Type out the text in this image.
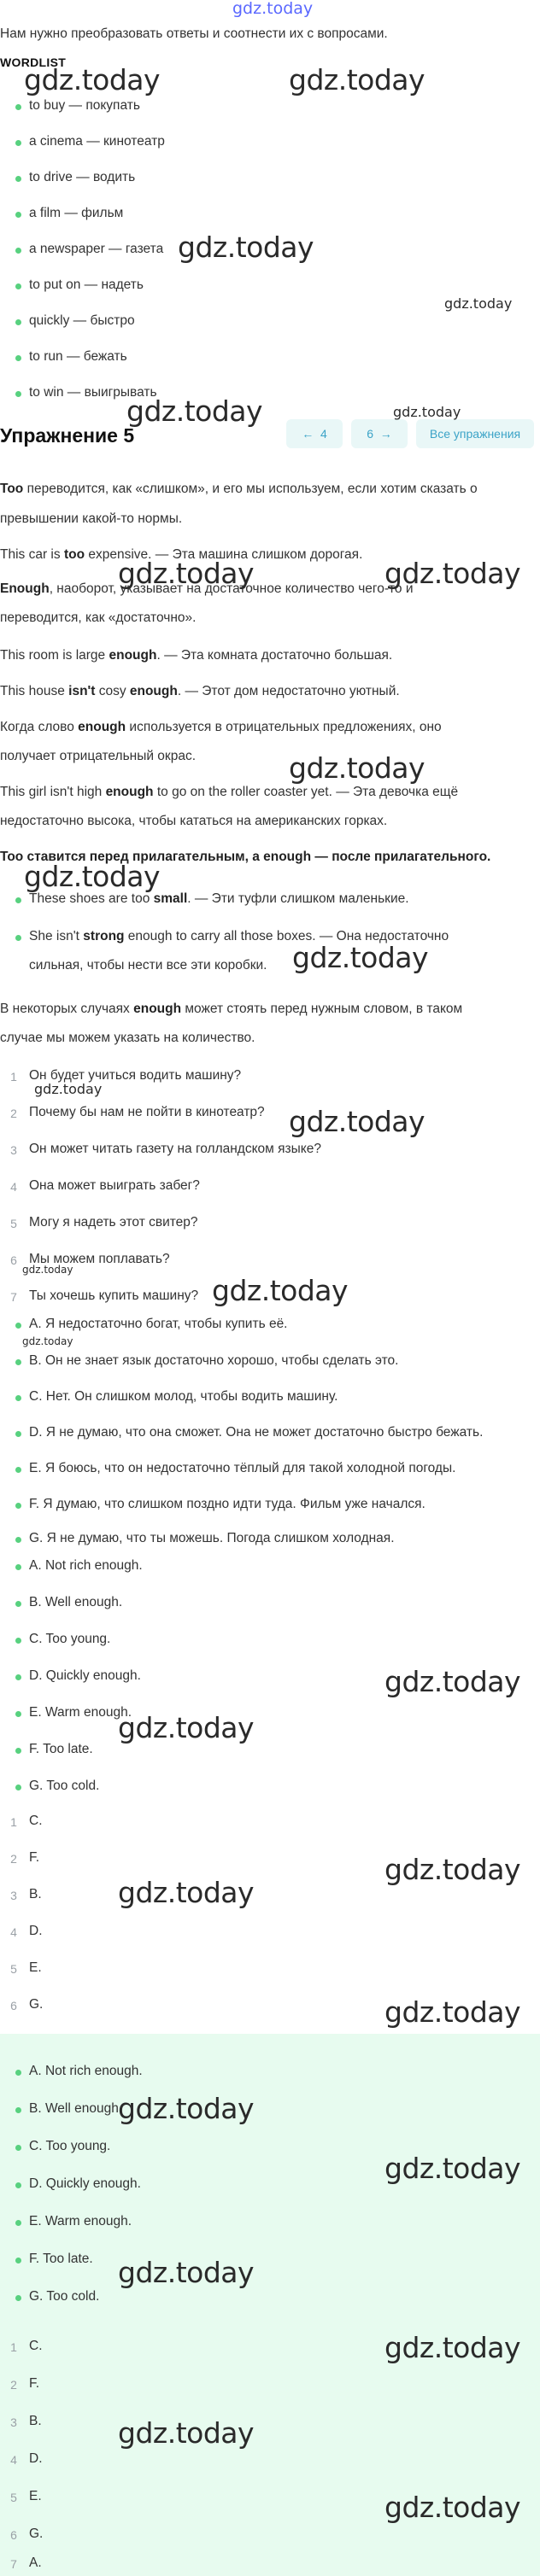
gdz.today
Нам нужно преобразовать ответы и соотнести их с вопросами.
WORDLIST
to buy — покупать
a cinema — кинотеатр
to drive — водить
a film — фильм
a newspaper — газета
to put on — надеть
quickly — быстро
to run — бежать
to win — выигрывать
Упражнение 5	← 4	6 →	Все упражнения
Too переводится, как «слишком», и его мы используем, если хотим сказать о
превышении какой-то нормы.
This car is too expensive. — Эта машина слишком дорогая.
Enough, наоборот, указывает на достаточное количество чего-то и
переводится, как «достаточно».
This room is large enough. — Эта комната достаточно большая.
This house isn't cosy enough. — Этот дом недостаточно уютный.
Когда слово enough используется в отрицательных предложениях, оно
получает отрицательный окрас.
This girl isn't high enough to go on the roller coaster yet. — Эта девочка ещё
недостаточно высока, чтобы кататься на американских горках.
Too ставится перед прилагательным, а enough — после прилагательного.
These shoes are too small. — Эти туфли слишком маленькие.
She isn't strong enough to carry all those boxes. — Она недостаточно
сильная, чтобы нести все эти коробки.
В некоторых случаях enough может стоять перед нужным словом, в таком
случае мы можем указать на количество.
1 Он будет учиться водить машину?
2 Почему бы нам не пойти в кинотеатр?
3 Он может читать газету на голландском языке?
4 Она может выиграть забег?
5 Могу я надеть этот свитер?
6 Мы можем поплавать?
7 Ты хочешь купить машину?
A. Я недостаточно богат, чтобы купить её.
B. Он не знает язык достаточно хорошо, чтобы сделать это.
C. Нет. Он слишком молод, чтобы водить машину.
D. Я не думаю, что она сможет. Она не может достаточно быстро бежать.
E. Я боюсь, что он недостаточно тёплый для такой холодной погоды.
F. Я думаю, что слишком поздно идти туда. Фильм уже начался.
G. Я не думаю, что ты можешь. Погода слишком холодная.
A. Not rich enough.
B. Well enough.
C. Too young.
D. Quickly enough.
E. Warm enough.
F. Too late.
G. Too cold.
1 C.
2 F.
3 B.
4 D.
5 E.
6 G.
A. Not rich enough.
B. Well enough.
C. Too young.
D. Quickly enough.
E. Warm enough.
F. Too late.
G. Too cold.
1 C.
2 F.
3 B.
4 D.
5 E.
6 G.
7 A.
gdz.today	gdz.today
gdz.today
gdz.today
gdz.today	gdz.today
gdz.today	gdz.today
gdz.today
gdz.today
gdz.today
gdz.today
gdz.today
gdz.today
gdz.today
gdz.today
gdz.today
gdz.today
gdz.today
gdz.today
gdz.today
gdz.today
gdz.today
gdz.today
gdz.today
gdz.today
gdz.today
